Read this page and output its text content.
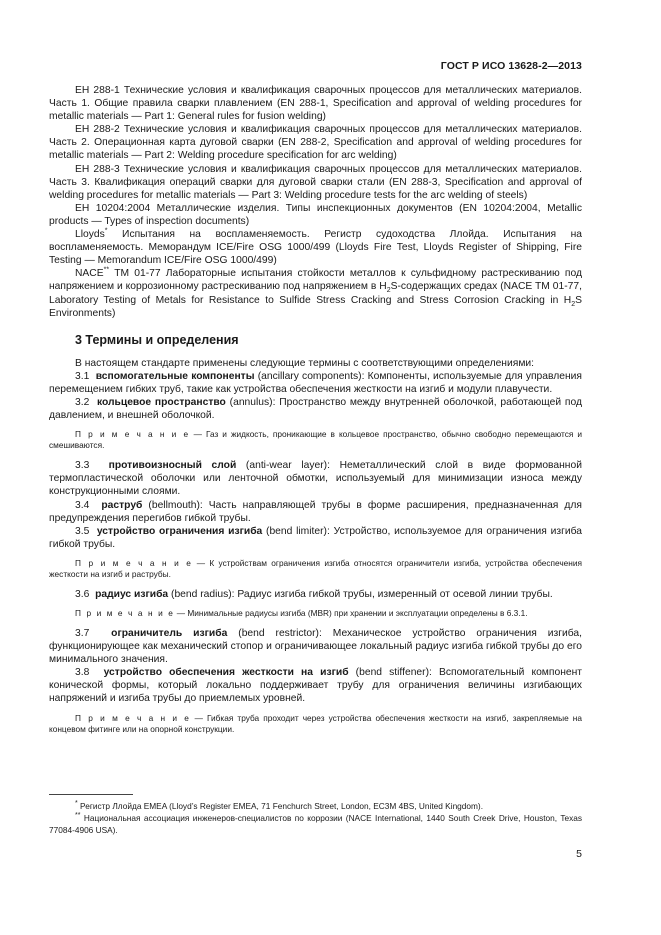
ГОСТ Р ИСО 13628-2—2013

ЕН 288-1 Технические условия и квалификация сварочных процессов для металлических материалов. Часть 1. Общие правила сварки плавлением (EN 288-1, Specification and approval of welding procedures for metallic materials — Part 1: General rules for fusion welding)

ЕН 288-2 Технические условия и квалификация сварочных процессов для металлических материалов. Часть 2. Операционная карта дуговой сварки (EN 288-2, Specification and approval of welding procedures for metallic materials — Part 2: Welding procedure specification for arc welding)

ЕН 288-3 Технические условия и квалификация сварочных процессов для металлических материалов. Часть 3. Квалификация операций сварки для дуговой сварки стали (EN 288-3, Specification and approval of welding procedures for metallic materials — Part 3: Welding procedure tests for the arc welding of steels)

ЕН 10204:2004 Металлические изделия. Типы инспекционных документов (EN 10204:2004, Metallic products — Types of inspection documents)

Lloyds* Испытания на воспламеняемость. Регистр судоходства Ллойда. Испытания на воспламеняемость. Меморандум ICE/Fire OSG 1000/499 (Lloyds Fire Test, Lloyds Register of Shipping, Fire Testing — Memorandum ICE/Fire OSG 1000/499)

NACE** ТМ 01-77 Лабораторные испытания стойкости металлов к сульфидному растрескиванию под напряжением и коррозионному растрескиванию под напряжением в $H_2S$-содержащих средах (NACE TM 01-77, Laboratory Testing of Metals for Resistance to Sulfide Stress Cracking and Stress Corrosion Cracking in $H_2S$ Environments)

3 Термины и определения

В настоящем стандарте применены следующие термины с соответствующими определениями:

3.1 вспомогательные компоненты (ancillary components): Компоненты, используемые для управления перемещением гибких труб, такие как устройства обеспечения жесткости на изгиб и модули плавучести.

3.2 кольцевое пространство (annulus): Пространство между внутренней оболочкой, работающей под давлением, и внешней оболочкой.

П р и м е ч а н и е — Газ и жидкость, проникающие в кольцевое пространство, обычно свободно перемещаются и смешиваются.

3.3 противоизносный слой (anti-wear layer): Неметаллический слой в виде формованной термопластической оболочки или ленточной обмотки, используемый для минимизации износа между конструкционными слоями.

3.4 раструб (bellmouth): Часть направляющей трубы в форме расширения, предназначенная для предупреждения перегибов гибкой трубы.

3.5 устройство ограничения изгиба (bend limiter): Устройство, используемое для ограничения изгиба гибкой трубы.

П р и м е ч а н и е — К устройствам ограничения изгиба относятся ограничители изгиба, устройства обеспечения жесткости на изгиб и раструбы.

3.6 радиус изгиба (bend radius): Радиус изгиба гибкой трубы, измеренный от осевой линии трубы.

П р и м е ч а н и е — Минимальные радиусы изгиба (MBR) при хранении и эксплуатации определены в 6.3.1.

3.7 ограничитель изгиба (bend restrictor): Механическое устройство ограничения изгиба, функционирующее как механический стопор и ограничивающее локальный радиус изгиба гибкой трубы до его минимального значения.

3.8 устройство обеспечения жесткости на изгиб (bend stiffener): Вспомогательный компонент конической формы, который локально поддерживает трубу для ограничения величины изгибающих напряжений и изгиба трубы до приемлемых уровней.

П р и м е ч а н и е — Гибкая труба проходит через устройства обеспечения жесткости на изгиб, закрепляемые на концевом фитинге или на опорной конструкции.

* Регистр Ллойда EMEA (Lloyd’s Register EMEA, 71 Fenchurch Street, London, EC3M 4BS, United Kingdom).

** Национальная ассоциация инженеров-специалистов по коррозии (NACE International, 1440 South Creek Drive, Houston, Texas 77084-4906 USA).

5
